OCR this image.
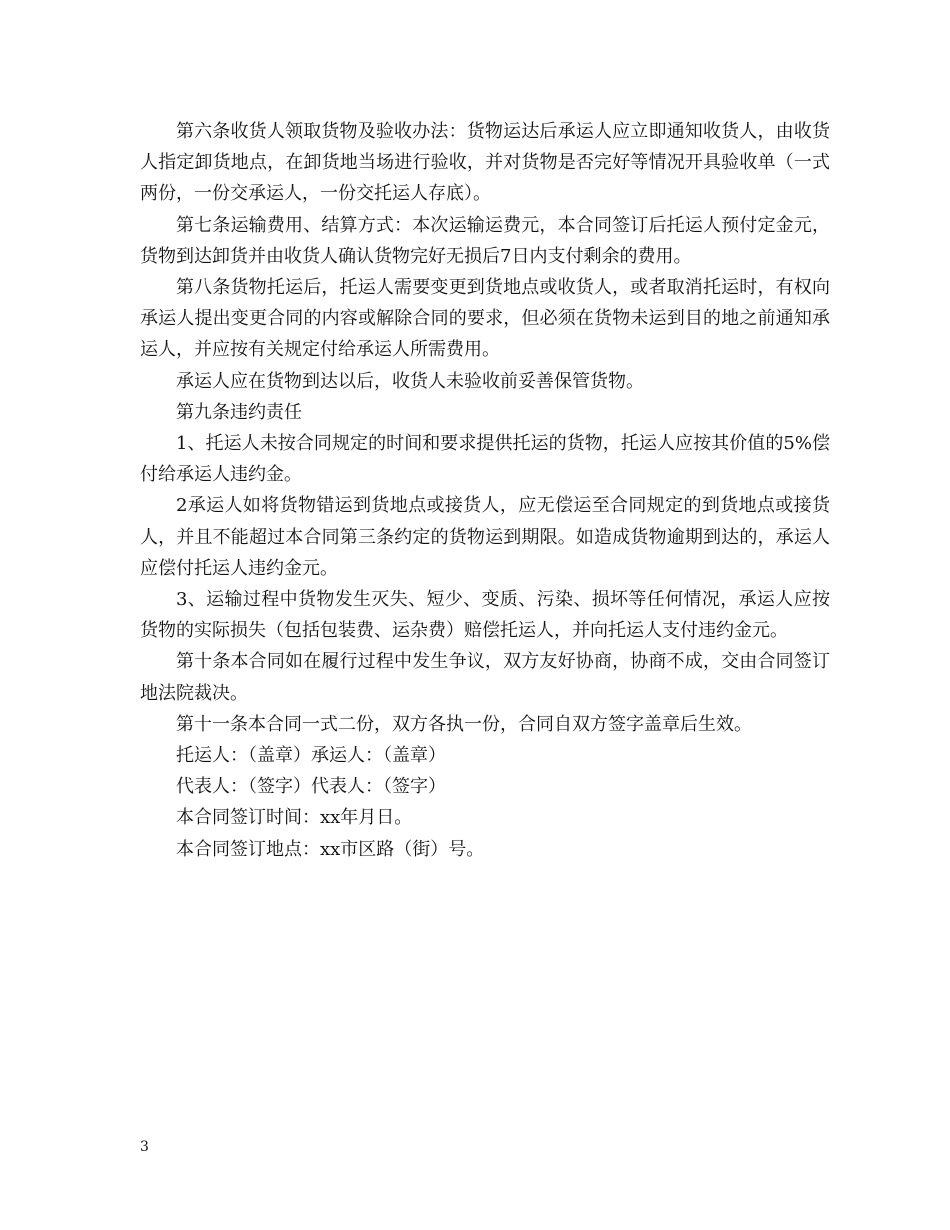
第六条收货人领取货物及验收办法：货物运达后承运人应立即通知收货人，由收货人指定卸货地点，在卸货地当场进行验收，并对货物是否完好等情况开具验收单（一式两份，一份交承运人，一份交托运人存底）。

第七条运输费用、结算方式：本次运输运费元，本合同签订后托运人预付定金元，货物到达卸货并由收货人确认货物完好无损后7日内支付剩余的费用。

第八条货物托运后，托运人需要变更到货地点或收货人，或者取消托运时，有权向承运人提出变更合同的内容或解除合同的要求，但必须在货物未运到目的地之前通知承运人，并应按有关规定付给承运人所需费用。

承运人应在货物到达以后，收货人未验收前妥善保管货物。

第九条违约责任

1、托运人未按合同规定的时间和要求提供托运的货物，托运人应按其价值的5%偿付给承运人违约金。

2承运人如将货物错运到货地点或接货人，应无偿运至合同规定的到货地点或接货人，并且不能超过本合同第三条约定的货物运到期限。如造成货物逾期到达的，承运人应偿付托运人违约金元。

3、运输过程中货物发生灭失、短少、变质、污染、损坏等任何情况，承运人应按货物的实际损失（包括包装费、运杂费）赔偿托运人，并向托运人支付违约金元。

第十条本合同如在履行过程中发生争议，双方友好协商，协商不成，交由合同签订地法院裁决。

第十一条本合同一式二份，双方各执一份，合同自双方签字盖章后生效。

托运人：（盖章）承运人：（盖章）

代表人：（签字）代表人：（签字）

本合同签订时间：xx年月日。

本合同签订地点：xx市区路（街）号。

3
